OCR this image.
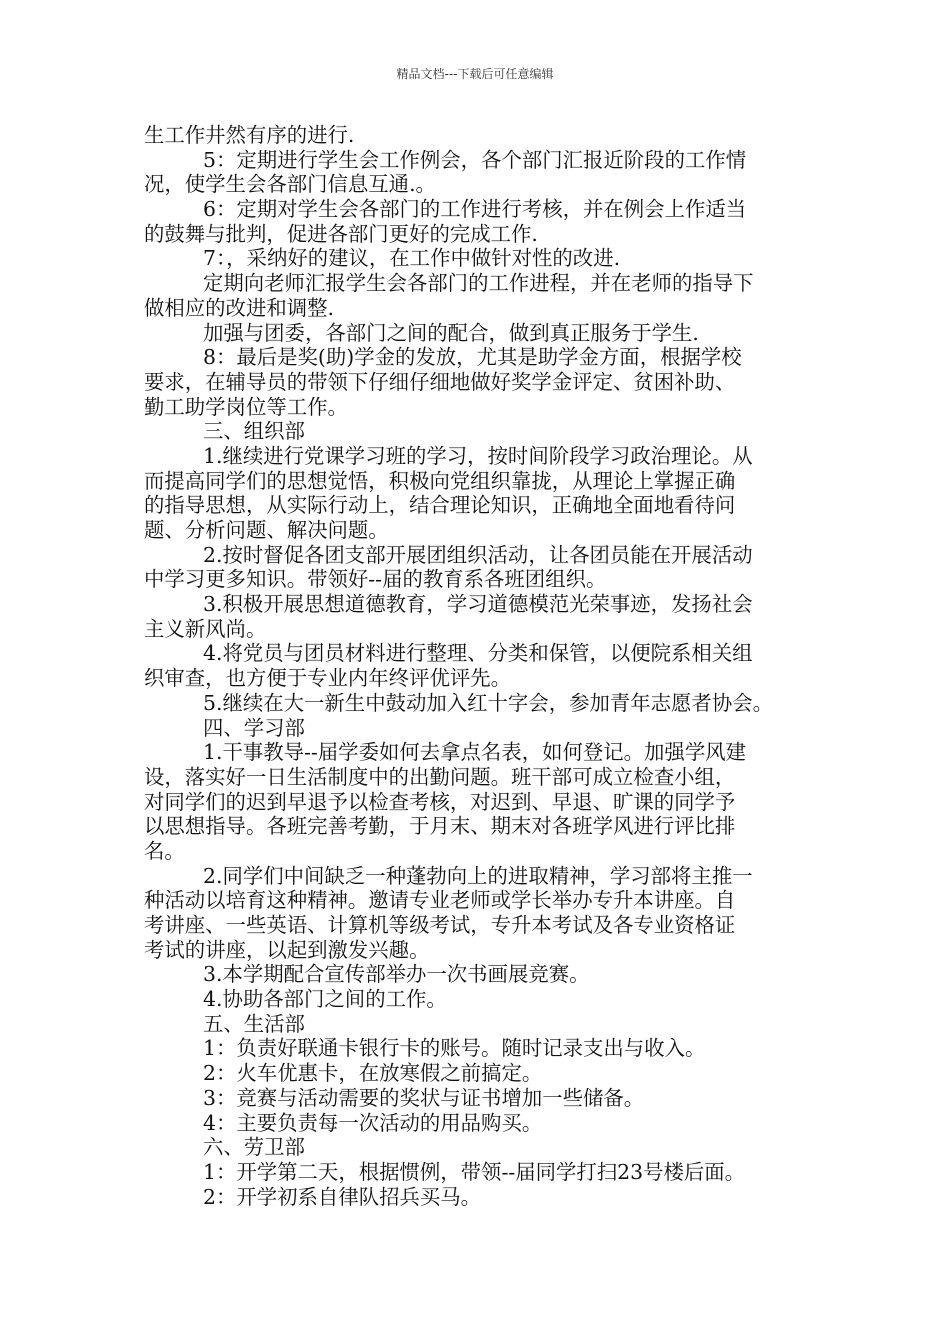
精品文档---下载后可任意编辑
生工作井然有序的进行.
5：定期进行学生会工作例会，各个部门汇报近阶段的工作情
况，使学生会各部门信息互通.。
6：定期对学生会各部门的工作进行考核，并在例会上作适当
的鼓舞与批判，促进各部门更好的完成工作.
7：，采纳好的建议，在工作中做针对性的改进.
定期向老师汇报学生会各部门的工作进程，并在老师的指导下
做相应的改进和调整.
加强与团委，各部门之间的配合，做到真正服务于学生.
8：最后是奖(助)学金的发放，尤其是助学金方面，根据学校
要求，在辅导员的带领下仔细仔细地做好奖学金评定、贫困补助、
勤工助学岗位等工作。
三、组织部
1.继续进行党课学习班的学习，按时间阶段学习政治理论。从
而提高同学们的思想觉悟，积极向党组织靠拢，从理论上掌握正确
的指导思想，从实际行动上，结合理论知识，正确地全面地看待问
题、分析问题、解决问题。
2.按时督促各团支部开展团组织活动，让各团员能在开展活动
中学习更多知识。带领好--届的教育系各班团组织。
3.积极开展思想道德教育，学习道德模范光荣事迹，发扬社会
主义新风尚。
4.将党员与团员材料进行整理、分类和保管，以便院系相关组
织审查，也方便于专业内年终评优评先。
5.继续在大一新生中鼓动加入红十字会，参加青年志愿者协会。
四、学习部
1.干事教导--届学委如何去拿点名表，如何登记。加强学风建
设，落实好一日生活制度中的出勤问题。班干部可成立检查小组，
对同学们的迟到早退予以检查考核，对迟到、早退、旷课的同学予
以思想指导。各班完善考勤，于月末、期末对各班学风进行评比排
名。
2.同学们中间缺乏一种蓬勃向上的进取精神，学习部将主推一
种活动以培育这种精神。邀请专业老师或学长举办专升本讲座。自
考讲座、一些英语、计算机等级考试，专升本考试及各专业资格证
考试的讲座，以起到激发兴趣。
3.本学期配合宣传部举办一次书画展竞赛。
4.协助各部门之间的工作。
五、生活部
1：负责好联通卡银行卡的账号。随时记录支出与收入。
2：火车优惠卡，在放寒假之前搞定。
3：竞赛与活动需要的奖状与证书增加一些储备。
4：主要负责每一次活动的用品购买。
六、劳卫部
1：开学第二天，根据惯例，带领--届同学打扫23号楼后面。
2：开学初系自律队招兵买马。
